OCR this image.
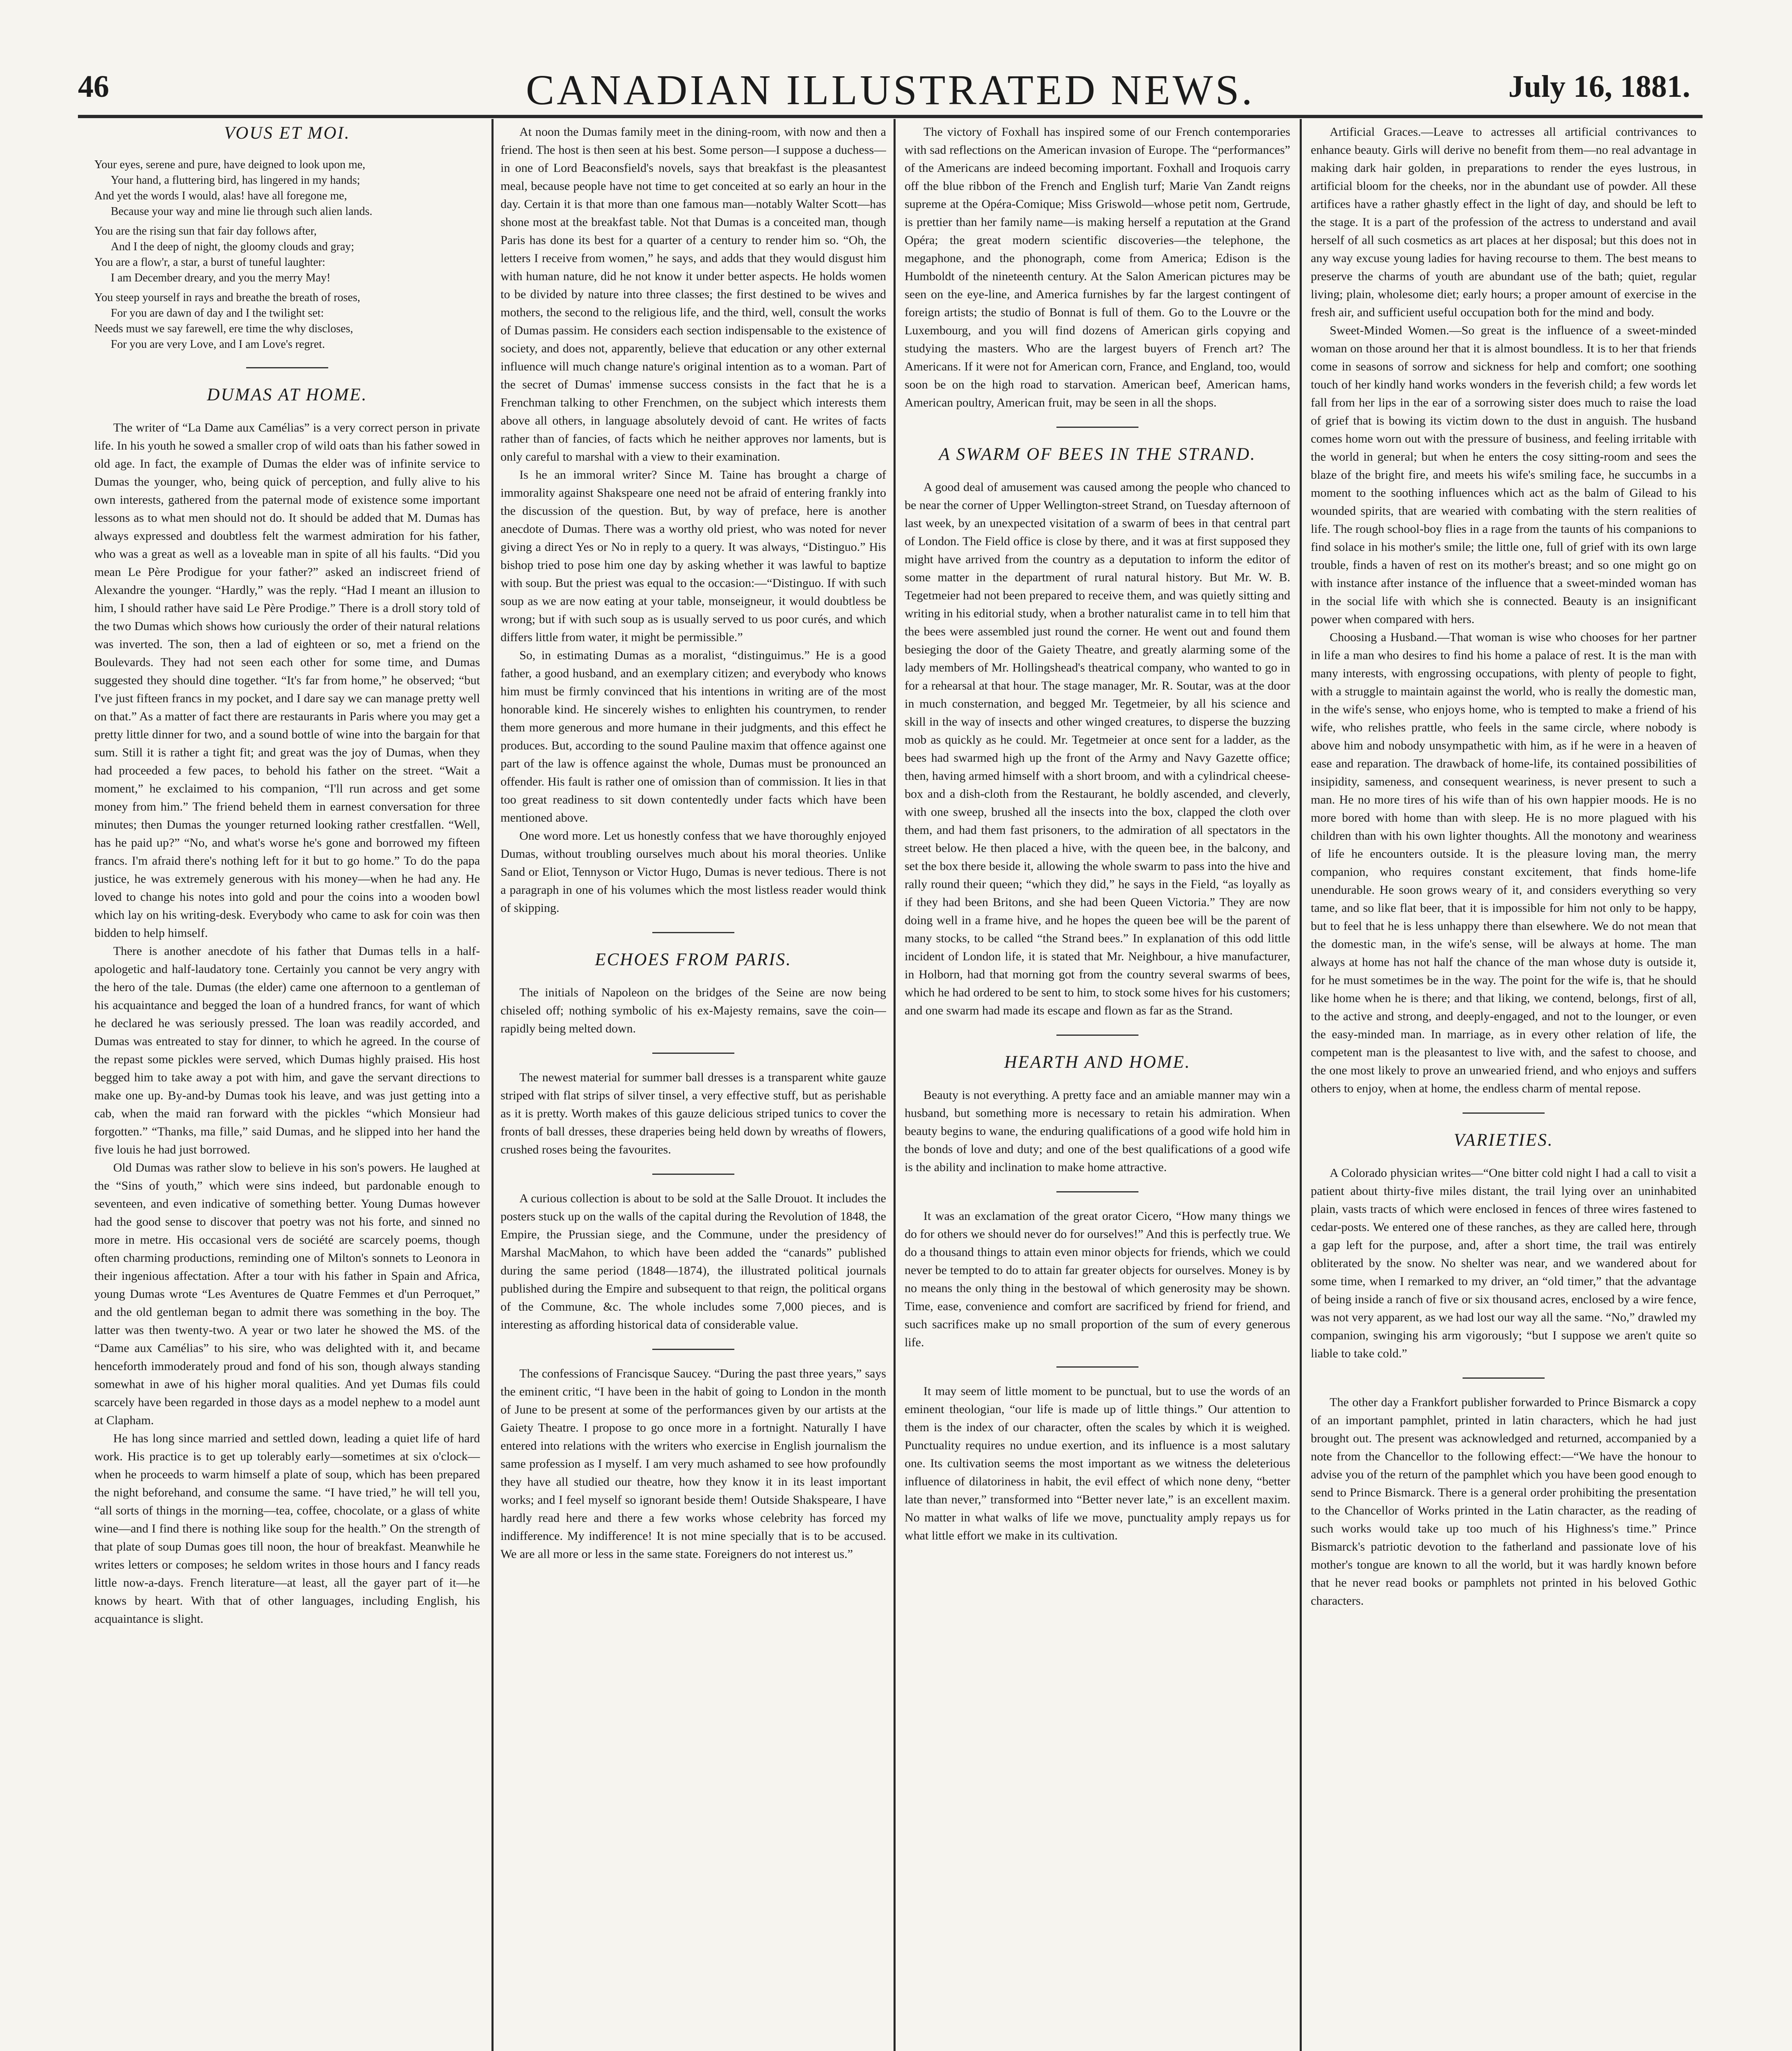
46	CANADIAN ILLUSTRATED NEWS.	July 16, 1881.
VOUS ET MOI.
Your eyes, serene and pure, have deigned to look upon me,
Your hand, a fluttering bird, has lingered in my hands;
And yet the words I would, alas! have all foregone me,
Because your way and mine lie through such alien lands.
You are the rising sun that fair day follows after,
And I the deep of night, the gloomy clouds and gray;
You are a flow'r, a star, a burst of tuneful laughter:
I am December dreary, and you the merry May!
You steep yourself in rays and breathe the breath of roses,
For you are dawn of day and I the twilight set:
Needs must we say farewell, ere time the why discloses,
For you are very Love, and I am Love's regret.
DUMAS AT HOME.

The writer of “La Dame aux Camélias” is a very correct person in private life. In his youth he sowed a smaller crop of wild oats than his father sowed in old age. In fact, the example of Dumas the elder was of infinite service to Dumas the younger, who, being quick of perception, and fully alive to his own interests, gathered from the paternal mode of existence some important lessons as to what men should not do. It should be added that M. Dumas has always expressed and doubtless felt the warmest admiration for his father, who was a great as well as a loveable man in spite of all his faults. “Did you mean Le Père Prodigue for your father?” asked an indiscreet friend of Alexandre the younger. “Hardly,” was the reply. “Had I meant an illusion to him, I should rather have said Le Père Prodige.” There is a droll story told of the two Dumas which shows how curiously the order of their natural relations was inverted. The son, then a lad of eighteen or so, met a friend on the Boulevards. They had not seen each other for some time, and Dumas suggested they should dine together. “It's far from home,” he observed; “but I've just fifteen francs in my pocket, and I dare say we can manage pretty well on that.” As a matter of fact there are restaurants in Paris where you may get a pretty little dinner for two, and a sound bottle of wine into the bargain for that sum. Still it is rather a tight fit; and great was the joy of Dumas, when they had proceeded a few paces, to behold his father on the street. “Wait a moment,” he exclaimed to his companion, “I'll run across and get some money from him.” The friend beheld them in earnest conversation for three minutes; then Dumas the younger returned looking rather crestfallen. “Well, has he paid up?” “No, and what's worse he's gone and borrowed my fifteen francs. I'm afraid there's nothing left for it but to go home.” To do the papa justice, he was extremely generous with his money—when he had any. He loved to change his notes into gold and pour the coins into a wooden bowl which lay on his writing-desk. Everybody who came to ask for coin was then bidden to help himself.

There is another anecdote of his father that Dumas tells in a half-apologetic and half-laudatory tone. Certainly you cannot be very angry with the hero of the tale. Dumas (the elder) came one afternoon to a gentleman of his acquaintance and begged the loan of a hundred francs, for want of which he declared he was seriously pressed. The loan was readily accorded, and Dumas was entreated to stay for dinner, to which he agreed. In the course of the repast some pickles were served, which Dumas highly praised. His host begged him to take away a pot with him, and gave the servant directions to make one up. By-and-by Dumas took his leave, and was just getting into a cab, when the maid ran forward with the pickles “which Monsieur had forgotten.” “Thanks, ma fille,” said Dumas, and he slipped into her hand the five louis he had just borrowed.

Old Dumas was rather slow to believe in his son's powers. He laughed at the “Sins of youth,” which were sins indeed, but pardonable enough to seventeen, and even indicative of something better. Young Dumas however had the good sense to discover that poetry was not his forte, and sinned no more in metre. His occasional vers de société are scarcely poems, though often charming productions, reminding one of Milton's sonnets to Leonora in their ingenious affectation. After a tour with his father in Spain and Africa, young Dumas wrote “Les Aventures de Quatre Femmes et d'un Perroquet,” and the old gentleman began to admit there was something in the boy. The latter was then twenty-two. A year or two later he showed the MS. of the “Dame aux Camélias” to his sire, who was delighted with it, and became henceforth immoderately proud and fond of his son, though always standing somewhat in awe of his higher moral qualities. And yet Dumas fils could scarcely have been regarded in those days as a model nephew to a model aunt at Clapham.

He has long since married and settled down, leading a quiet life of hard work. His practice is to get up tolerably early—sometimes at six o'clock—when he proceeds to warm himself a plate of soup, which has been prepared the night beforehand, and consume the same. “I have tried,” he will tell you, “all sorts of things in the morning—tea, coffee, chocolate, or a glass of white wine—and I find there is nothing like soup for the health.” On the strength of that plate of soup Dumas goes till noon, the hour of breakfast. Meanwhile he writes letters or composes; he seldom writes in those hours and I fancy reads little now-a-days. French literature—at least, all the gayer part of it—he knows by heart. With that of other languages, including English, his acquaintance is slight.

At noon the Dumas family meet in the dining-room, with now and then a friend. The host is then seen at his best. Some person—I suppose a duchess—in one of Lord Beaconsfield's novels, says that breakfast is the pleasantest meal, because people have not time to get conceited at so early an hour in the day. Certain it is that more than one famous man—notably Walter Scott—has shone most at the breakfast table. Not that Dumas is a conceited man, though Paris has done its best for a quarter of a century to render him so. “Oh, the letters I receive from women,” he says, and adds that they would disgust him with human nature, did he not know it under better aspects. He holds women to be divided by nature into three classes; the first destined to be wives and mothers, the second to the religious life, and the third, well, consult the works of Dumas passim. He considers each section indispensable to the existence of society, and does not, apparently, believe that education or any other external influence will much change nature's original intention as to a woman. Part of the secret of Dumas' immense success consists in the fact that he is a Frenchman talking to other Frenchmen, on the subject which interests them above all others, in language absolutely devoid of cant. He writes of facts rather than of fancies, of facts which he neither approves nor laments, but is only careful to marshal with a view to their examination.

Is he an immoral writer? Since M. Taine has brought a charge of immorality against Shakspeare one need not be afraid of entering frankly into the discussion of the question. But, by way of preface, here is another anecdote of Dumas. There was a worthy old priest, who was noted for never giving a direct Yes or No in reply to a query. It was always, “Distinguo.” His bishop tried to pose him one day by asking whether it was lawful to baptize with soup. But the priest was equal to the occasion:—“Distinguo. If with such soup as we are now eating at your table, monseigneur, it would doubtless be wrong; but if with such soup as is usually served to us poor curés, and which differs little from water, it might be permissible.”

So, in estimating Dumas as a moralist, “distinguimus.” He is a good father, a good husband, and an exemplary citizen; and everybody who knows him must be firmly convinced that his intentions in writing are of the most honorable kind. He sincerely wishes to enlighten his countrymen, to render them more generous and more humane in their judgments, and this effect he produces. But, according to the sound Pauline maxim that offence against one part of the law is offence against the whole, Dumas must be pronounced an offender. His fault is rather one of omission than of commission. It lies in that too great readiness to sit down contentedly under facts which have been mentioned above.

One word more. Let us honestly confess that we have thoroughly enjoyed Dumas, without troubling ourselves much about his moral theories. Unlike Sand or Eliot, Tennyson or Victor Hugo, Dumas is never tedious. There is not a paragraph in one of his volumes which the most listless reader would think of skipping.

ECHOES FROM PARIS.

The initials of Napoleon on the bridges of the Seine are now being chiseled off; nothing symbolic of his ex-Majesty remains, save the coin—rapidly being melted down.

The newest material for summer ball dresses is a transparent white gauze striped with flat strips of silver tinsel, a very effective stuff, but as perishable as it is pretty. Worth makes of this gauze delicious striped tunics to cover the fronts of ball dresses, these draperies being held down by wreaths of flowers, crushed roses being the favourites.

A curious collection is about to be sold at the Salle Drouot. It includes the posters stuck up on the walls of the capital during the Revolution of 1848, the Empire, the Prussian siege, and the Commune, under the presidency of Marshal MacMahon, to which have been added the “canards” published during the same period (1848—1874), the illustrated political journals published during the Empire and subsequent to that reign, the political organs of the Commune, &c. The whole includes some 7,000 pieces, and is interesting as affording historical data of considerable value.

The confessions of Francisque Saucey. “During the past three years,” says the eminent critic, “I have been in the habit of going to London in the month of June to be present at some of the performances given by our artists at the Gaiety Theatre. I propose to go once more in a fortnight. Naturally I have entered into relations with the writers who exercise in English journalism the same profession as I myself. I am very much ashamed to see how profoundly they have all studied our theatre, how they know it in its least important works; and I feel myself so ignorant beside them! Outside Shakspeare, I have hardly read here and there a few works whose celebrity has forced my indifference. My indifference! It is not mine specially that is to be accused. We are all more or less in the same state. Foreigners do not interest us.”

The victory of Foxhall has inspired some of our French contemporaries with sad reflections on the American invasion of Europe. The “performances” of the Americans are indeed becoming important. Foxhall and Iroquois carry off the blue ribbon of the French and English turf; Marie Van Zandt reigns supreme at the Opéra-Comique; Miss Griswold—whose petit nom, Gertrude, is prettier than her family name—is making herself a reputation at the Grand Opéra; the great modern scientific discoveries—the telephone, the megaphone, and the phonograph, come from America; Edison is the Humboldt of the nineteenth century. At the Salon American pictures may be seen on the eye-line, and America furnishes by far the largest contingent of foreign artists; the studio of Bonnat is full of them. Go to the Louvre or the Luxembourg, and you will find dozens of American girls copying and studying the masters. Who are the largest buyers of French art? The Americans. If it were not for American corn, France, and England, too, would soon be on the high road to starvation. American beef, American hams, American poultry, American fruit, may be seen in all the shops.

A SWARM OF BEES IN THE STRAND.

A good deal of amusement was caused among the people who chanced to be near the corner of Upper Wellington-street Strand, on Tuesday afternoon of last week, by an unexpected visitation of a swarm of bees in that central part of London. The Field office is close by there, and it was at first supposed they might have arrived from the country as a deputation to inform the editor of some matter in the department of rural natural history. But Mr. W. B. Tegetmeier had not been prepared to receive them, and was quietly sitting and writing in his editorial study, when a brother naturalist came in to tell him that the bees were assembled just round the corner. He went out and found them besieging the door of the Gaiety Theatre, and greatly alarming some of the lady members of Mr. Hollingshead's theatrical company, who wanted to go in for a rehearsal at that hour. The stage manager, Mr. R. Soutar, was at the door in much consternation, and begged Mr. Tegetmeier, by all his science and skill in the way of insects and other winged creatures, to disperse the buzzing mob as quickly as he could. Mr. Tegetmeier at once sent for a ladder, as the bees had swarmed high up the front of the Army and Navy Gazette office; then, having armed himself with a short broom, and with a cylindrical cheese-box and a dish-cloth from the Restaurant, he boldly ascended, and cleverly, with one sweep, brushed all the insects into the box, clapped the cloth over them, and had them fast prisoners, to the admiration of all spectators in the street below. He then placed a hive, with the queen bee, in the balcony, and set the box there beside it, allowing the whole swarm to pass into the hive and rally round their queen; “which they did,” he says in the Field, “as loyally as if they had been Britons, and she had been Queen Victoria.” They are now doing well in a frame hive, and he hopes the queen bee will be the parent of many stocks, to be called “the Strand bees.” In explanation of this odd little incident of London life, it is stated that Mr. Neighbour, a hive manufacturer, in Holborn, had that morning got from the country several swarms of bees, which he had ordered to be sent to him, to stock some hives for his customers; and one swarm had made its escape and flown as far as the Strand.

HEARTH AND HOME.

Beauty is not everything. A pretty face and an amiable manner may win a husband, but something more is necessary to retain his admiration. When beauty begins to wane, the enduring qualifications of a good wife hold him in the bonds of love and duty; and one of the best qualifications of a good wife is the ability and inclination to make home attractive.

It was an exclamation of the great orator Cicero, “How many things we do for others we should never do for ourselves!” And this is perfectly true. We do a thousand things to attain even minor objects for friends, which we could never be tempted to do to attain far greater objects for ourselves. Money is by no means the only thing in the bestowal of which generosity may be shown. Time, ease, convenience and comfort are sacrificed by friend for friend, and such sacrifices make up no small proportion of the sum of every generous life.

It may seem of little moment to be punctual, but to use the words of an eminent theologian, “our life is made up of little things.” Our attention to them is the index of our character, often the scales by which it is weighed. Punctuality requires no undue exertion, and its influence is a most salutary one. Its cultivation seems the most important as we witness the deleterious influence of dilatoriness in habit, the evil effect of which none deny, “better late than never,” transformed into “Better never late,” is an excellent maxim. No matter in what walks of life we move, punctuality amply repays us for what little effort we make in its cultivation.

Artificial Graces.—Leave to actresses all artificial contrivances to enhance beauty. Girls will derive no benefit from them—no real advantage in making dark hair golden, in preparations to render the eyes lustrous, in artificial bloom for the cheeks, nor in the abundant use of powder. All these artifices have a rather ghastly effect in the light of day, and should be left to the stage. It is a part of the profession of the actress to understand and avail herself of all such cosmetics as art places at her disposal; but this does not in any way excuse young ladies for having recourse to them. The best means to preserve the charms of youth are abundant use of the bath; quiet, regular living; plain, wholesome diet; early hours; a proper amount of exercise in the fresh air, and sufficient useful occupation both for the mind and body.

Sweet-Minded Women.—So great is the influence of a sweet-minded woman on those around her that it is almost boundless. It is to her that friends come in seasons of sorrow and sickness for help and comfort; one soothing touch of her kindly hand works wonders in the feverish child; a few words let fall from her lips in the ear of a sorrowing sister does much to raise the load of grief that is bowing its victim down to the dust in anguish. The husband comes home worn out with the pressure of business, and feeling irritable with the world in general; but when he enters the cosy sitting-room and sees the blaze of the bright fire, and meets his wife's smiling face, he succumbs in a moment to the soothing influences which act as the balm of Gilead to his wounded spirits, that are wearied with combating with the stern realities of life. The rough school-boy flies in a rage from the taunts of his companions to find solace in his mother's smile; the little one, full of grief with its own large trouble, finds a haven of rest on its mother's breast; and so one might go on with instance after instance of the influence that a sweet-minded woman has in the social life with which she is connected. Beauty is an insignificant power when compared with hers.

Choosing a Husband.—That woman is wise who chooses for her partner in life a man who desires to find his home a palace of rest. It is the man with many interests, with engrossing occupations, with plenty of people to fight, with a struggle to maintain against the world, who is really the domestic man, in the wife's sense, who enjoys home, who is tempted to make a friend of his wife, who relishes prattle, who feels in the same circle, where nobody is above him and nobody unsympathetic with him, as if he were in a heaven of ease and reparation. The drawback of home-life, its contained possibilities of insipidity, sameness, and consequent weariness, is never present to such a man. He no more tires of his wife than of his own happier moods. He is no more bored with home than with sleep. He is no more plagued with his children than with his own lighter thoughts. All the monotony and weariness of life he encounters outside. It is the pleasure loving man, the merry companion, who requires constant excitement, that finds home-life unendurable. He soon grows weary of it, and considers everything so very tame, and so like flat beer, that it is impossible for him not only to be happy, but to feel that he is less unhappy there than elsewhere. We do not mean that the domestic man, in the wife's sense, will be always at home. The man always at home has not half the chance of the man whose duty is outside it, for he must sometimes be in the way. The point for the wife is, that he should like home when he is there; and that liking, we contend, belongs, first of all, to the active and strong, and deeply-engaged, and not to the lounger, or even the easy-minded man. In marriage, as in every other relation of life, the competent man is the pleasantest to live with, and the safest to choose, and the one most likely to prove an unwearied friend, and who enjoys and suffers others to enjoy, when at home, the endless charm of mental repose.

VARIETIES.

A Colorado physician writes—“One bitter cold night I had a call to visit a patient about thirty-five miles distant, the trail lying over an uninhabited plain, vasts tracts of which were enclosed in fences of three wires fastened to cedar-posts. We entered one of these ranches, as they are called here, through a gap left for the purpose, and, after a short time, the trail was entirely obliterated by the snow. No shelter was near, and we wandered about for some time, when I remarked to my driver, an “old timer,” that the advantage of being inside a ranch of five or six thousand acres, enclosed by a wire fence, was not very apparent, as we had lost our way all the same. “No,” drawled my companion, swinging his arm vigorously; “but I suppose we aren't quite so liable to take cold.”

The other day a Frankfort publisher forwarded to Prince Bismarck a copy of an important pamphlet, printed in latin characters, which he had just brought out. The present was acknowledged and returned, accompanied by a note from the Chancellor to the following effect:—“We have the honour to advise you of the return of the pamphlet which you have been good enough to send to Prince Bismarck. There is a general order prohibiting the presentation to the Chancellor of Works printed in the Latin character, as the reading of such works would take up too much of his Highness's time.” Prince Bismarck's patriotic devotion to the fatherland and passionate love of his mother's tongue are known to all the world, but it was hardly known before that he never read books or pamphlets not printed in his beloved Gothic characters.
